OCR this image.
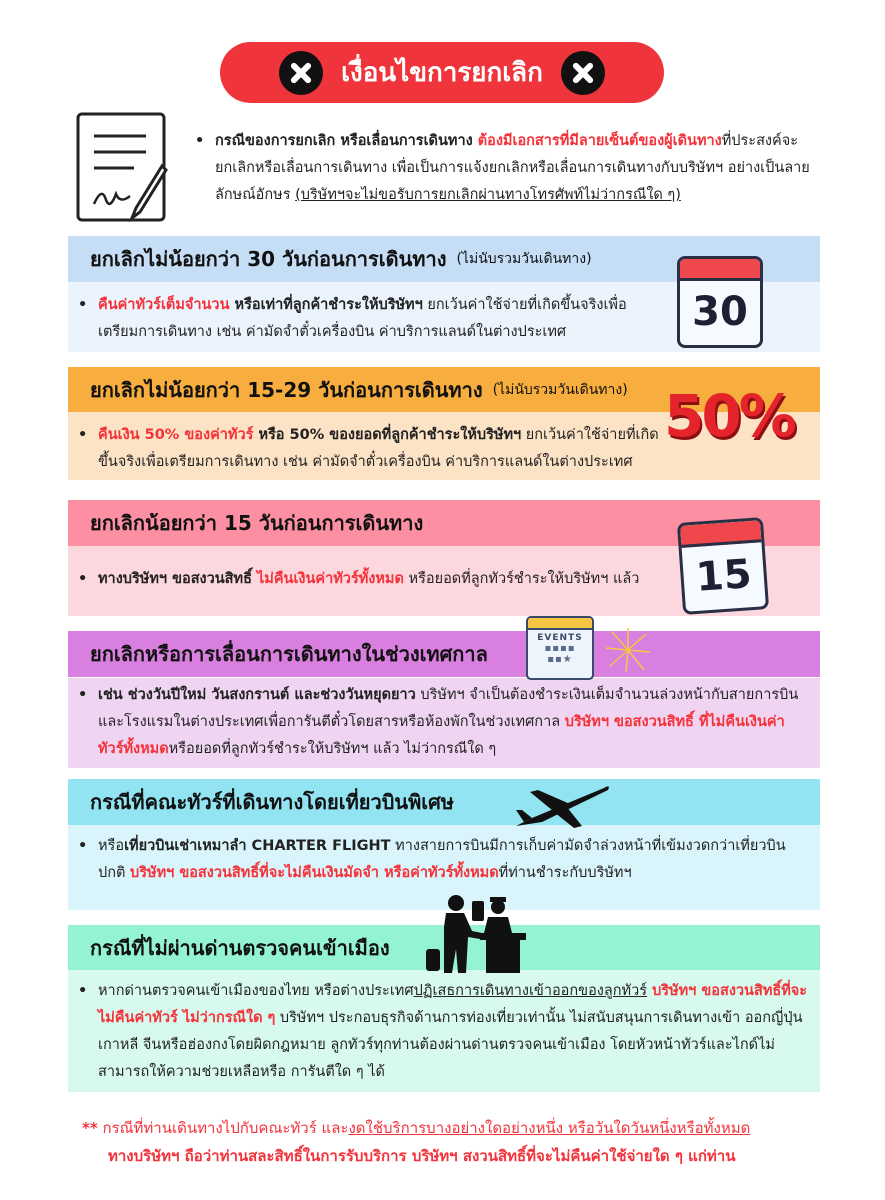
เงื่อนไขการยกเลิก
• กรณีของการยกเลิก หรือเลื่อนการเดินทาง ต้องมีเอกสารที่มีลายเซ็นต์ของผู้เดินทางที่ประสงค์จะยกเลิกหรือเลื่อนการเดินทาง เพื่อเป็นการแจ้งยกเลิกหรือเลื่อนการเดินทางกับบริษัทฯ อย่างเป็นลายลักษณ์อักษร (บริษัทฯจะไม่ขอรับการยกเลิกผ่านทางโทรศัพท์ไม่ว่ากรณีใด ๆ)
ยกเลิกไม่น้อยกว่า 30 วันก่อนการเดินทาง (ไม่นับรวมวันเดินทาง)
• คืนค่าทัวร์เต็มจำนวน หรือเท่าที่ลูกค้าชำระให้บริษัทฯ ยกเว้นค่าใช้จ่ายที่เกิดขึ้นจริงเพื่อเตรียมการเดินทาง เช่น ค่ามัดจำตั๋วเครื่องบิน ค่าบริการแลนด์ในต่างประเทศ	30
ยกเลิกไม่น้อยกว่า 15-29 วันก่อนการเดินทาง (ไม่นับรวมวันเดินทาง)
• คืนเงิน 50% ของค่าทัวร์ หรือ 50% ของยอดที่ลูกค้าชำระให้บริษัทฯ ยกเว้นค่าใช้จ่ายที่เกิดขึ้นจริงเพื่อเตรียมการเดินทาง เช่น ค่ามัดจำตั๋วเครื่องบิน ค่าบริการแลนด์ในต่างประเทศ
50%
ยกเลิกน้อยกว่า 15 วันก่อนการเดินทาง
• ทางบริษัทฯ ขอสงวนสิทธิ์ ไม่คืนเงินค่าทัวร์ทั้งหมด หรือยอดที่ลูกทัวร์ชำระให้บริษัทฯ แล้ว	15
ยกเลิกหรือการเลื่อนการเดินทางในช่วงเทศกาล
• เช่น ช่วงวันปีใหม่ วันสงกรานต์ และช่วงวันหยุดยาว บริษัทฯ จำเป็นต้องชำระเงินเต็มจำนวนล่วงหน้ากับสายการบินและโรงแรมในต่างประเทศเพื่อการันตีตั๋วโดยสารหรือห้องพักในช่วงเทศกาล บริษัทฯ ขอสงวนสิทธิ์ ที่ไม่คืนเงินค่าทัวร์ทั้งหมดหรือยอดที่ลูกทัวร์ชำระให้บริษัทฯ แล้ว ไม่ว่ากรณีใด ๆ
EVENTS
▪▪▪▪
▪▪★
กรณีที่คณะทัวร์ที่เดินทางโดยเที่ยวบินพิเศษ
• หรือเที่ยวบินเช่าเหมาลำ CHARTER FLIGHT ทางสายการบินมีการเก็บค่ามัดจำล่วงหน้าที่เข้มงวดกว่าเที่ยวบินปกติ บริษัทฯ ขอสงวนสิทธิ์ที่จะไม่คืนเงินมัดจำ หรือค่าทัวร์ทั้งหมดที่ท่านชำระกับบริษัทฯ
กรณีที่ไม่ผ่านด่านตรวจคนเข้าเมือง
• หากด่านตรวจคนเข้าเมืองของไทย หรือต่างประเทศปฏิเสธการเดินทางเข้าออกของลูกทัวร์ บริษัทฯ ขอสงวนสิทธิ์ที่จะไม่คืนค่าทัวร์ ไม่ว่ากรณีใด ๆ บริษัทฯ ประกอบธุรกิจด้านการท่องเที่ยวเท่านั้น ไม่สนับสนุนการเดินทางเข้า ออกญี่ปุ่น เกาหลี จีนหรือฮ่องกงโดยผิดกฎหมาย ลูกทัวร์ทุกท่านต้องผ่านด่านตรวจคนเข้าเมือง โดยหัวหน้าทัวร์และไกด์ไม่สามารถให้ความช่วยเหลือหรือ การันตีใด ๆ ได้
** กรณีที่ท่านเดินทางไปกับคณะทัวร์ และงดใช้บริการบางอย่างใดอย่างหนึ่ง หรือวันใดวันหนึ่งหรือทั้งหมด
ทางบริษัทฯ ถือว่าท่านสละสิทธิ์ในการรับบริการ บริษัทฯ สงวนสิทธิ์ที่จะไม่คืนค่าใช้จ่ายใด ๆ แก่ท่าน
